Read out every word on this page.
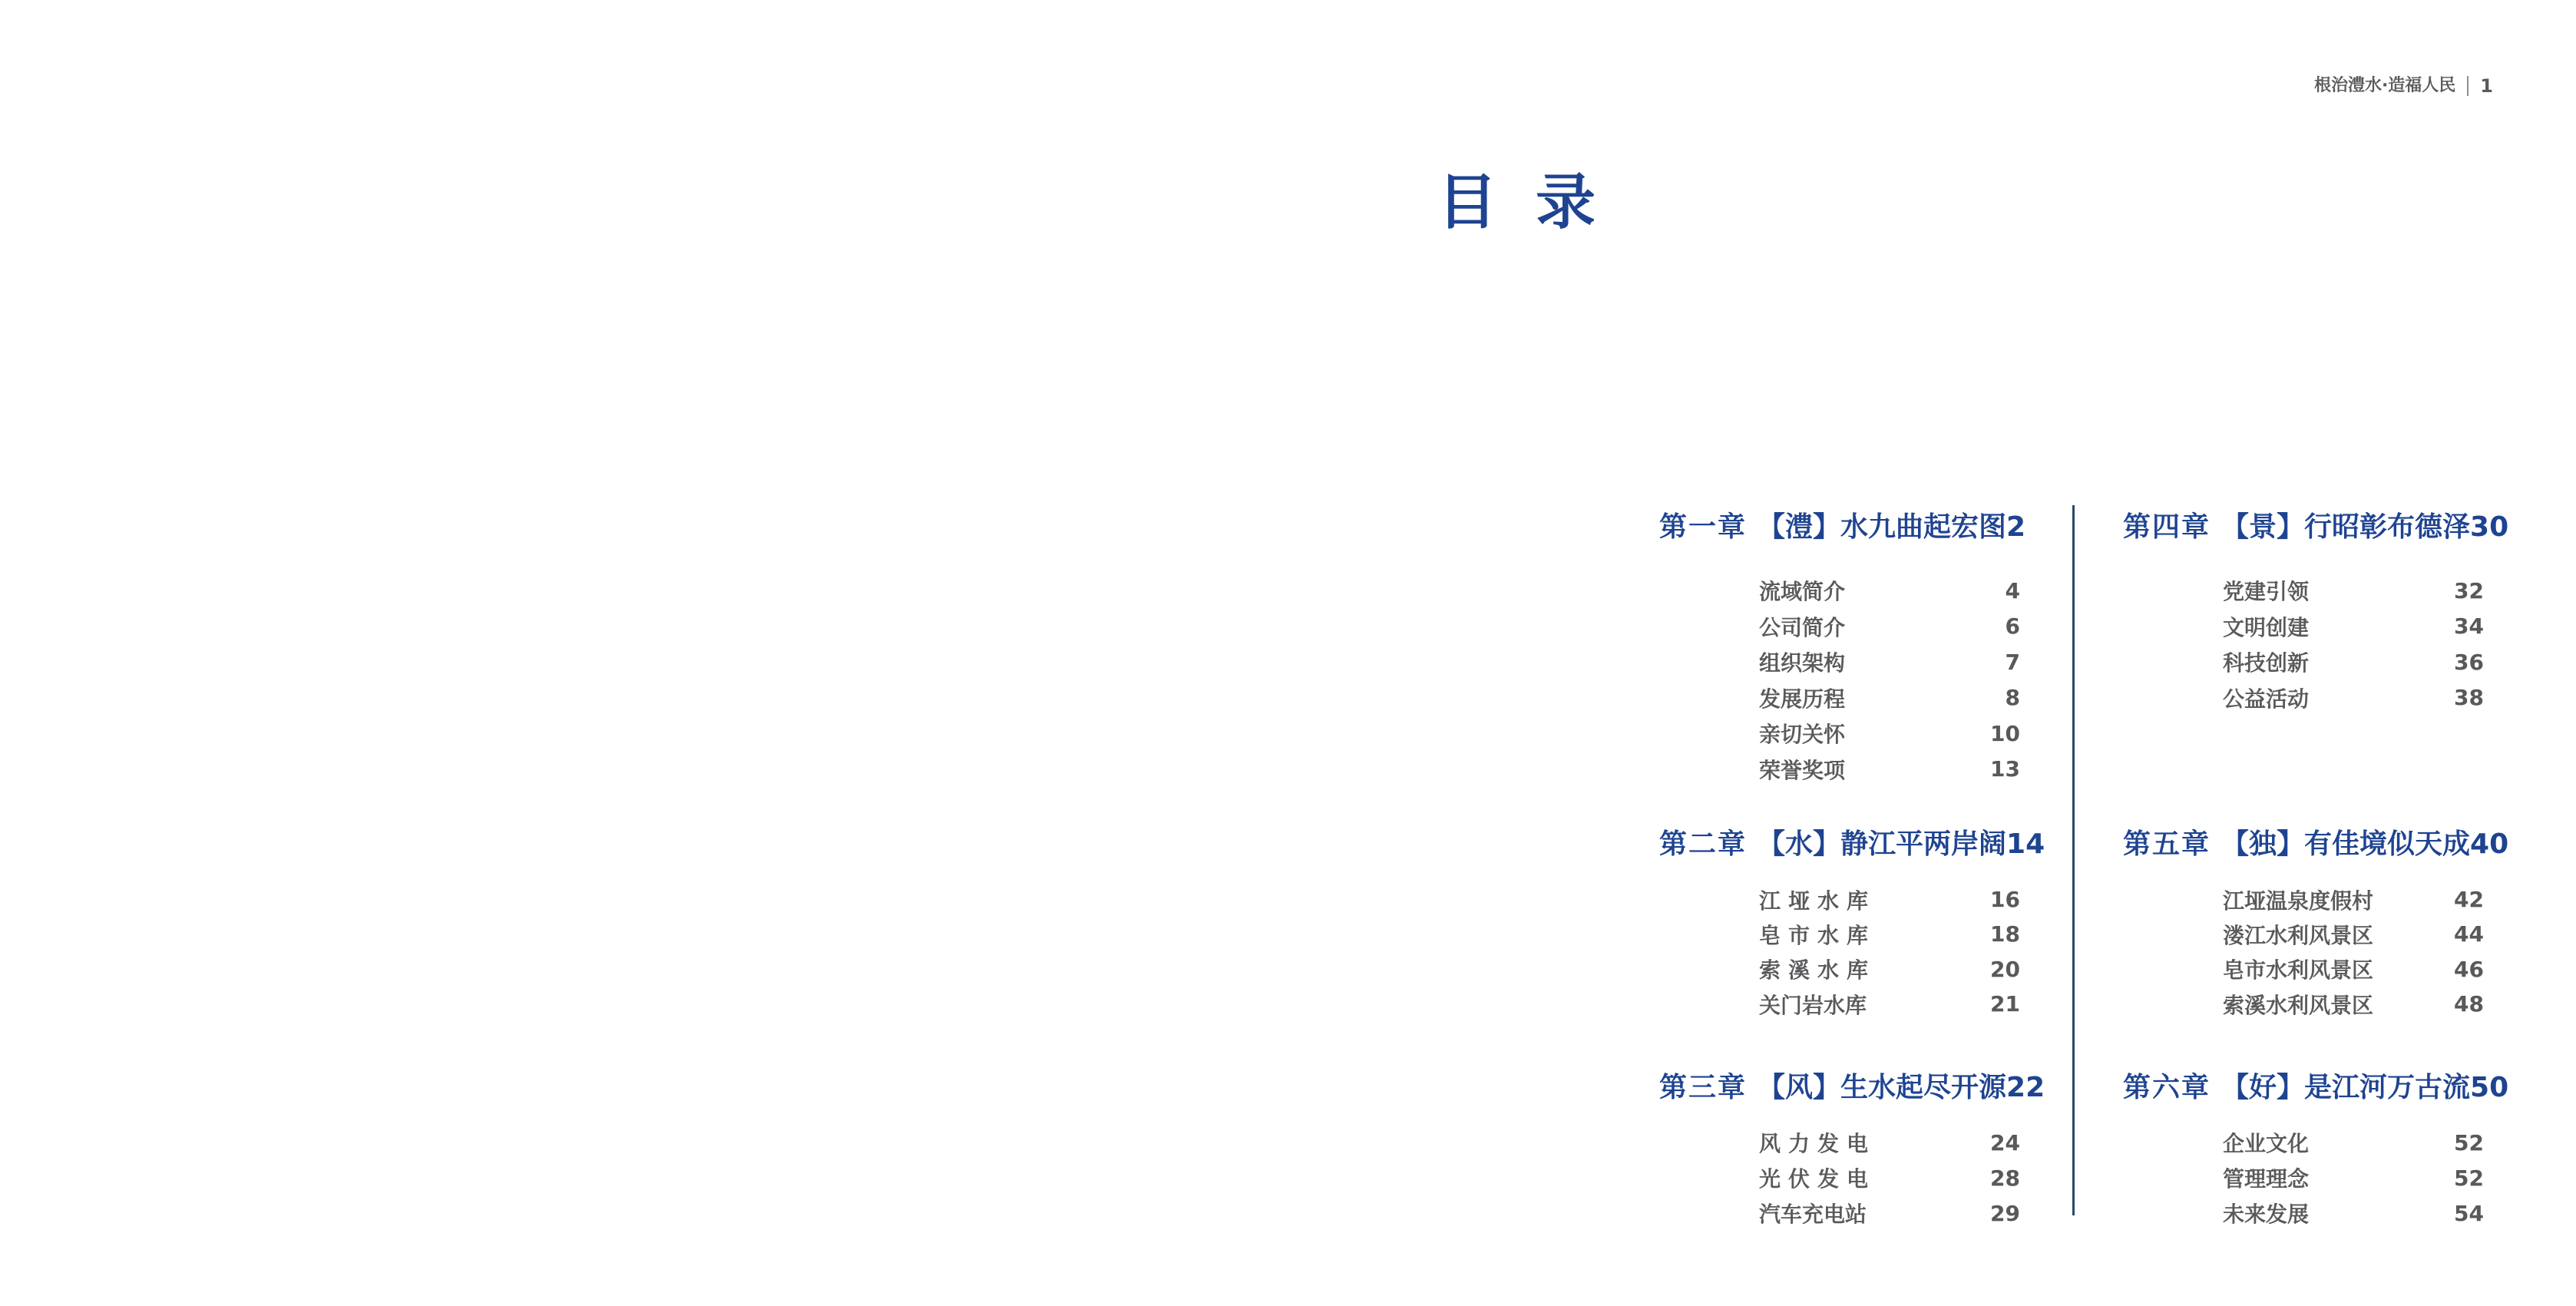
根治澧水·造福人民 1
目 录
第一章 【澧】水九曲起宏图 2
流域简介	4
公司简介	6
组织架构	7
发展历程	8
亲切关怀	10
荣誉奖项	13
第二章 【水】静江平两岸阔 14
江垭水库	16
皂市水库	18
索溪水库	20
关门岩水库	21
第三章 【风】生水起尽开源 22
风力发电	24
光伏发电	28
汽车充电站	29
第四章 【景】行昭彰布德泽 30
党建引领	32
文明创建	34
科技创新	36
公益活动	38
第五章 【独】有佳境似天成 40
江垭温泉度假村	42
溇江水利风景区	44
皂市水利风景区	46
索溪水利风景区	48
第六章 【好】是江河万古流 50
企业文化	52
管理理念	52
未来发展	54
